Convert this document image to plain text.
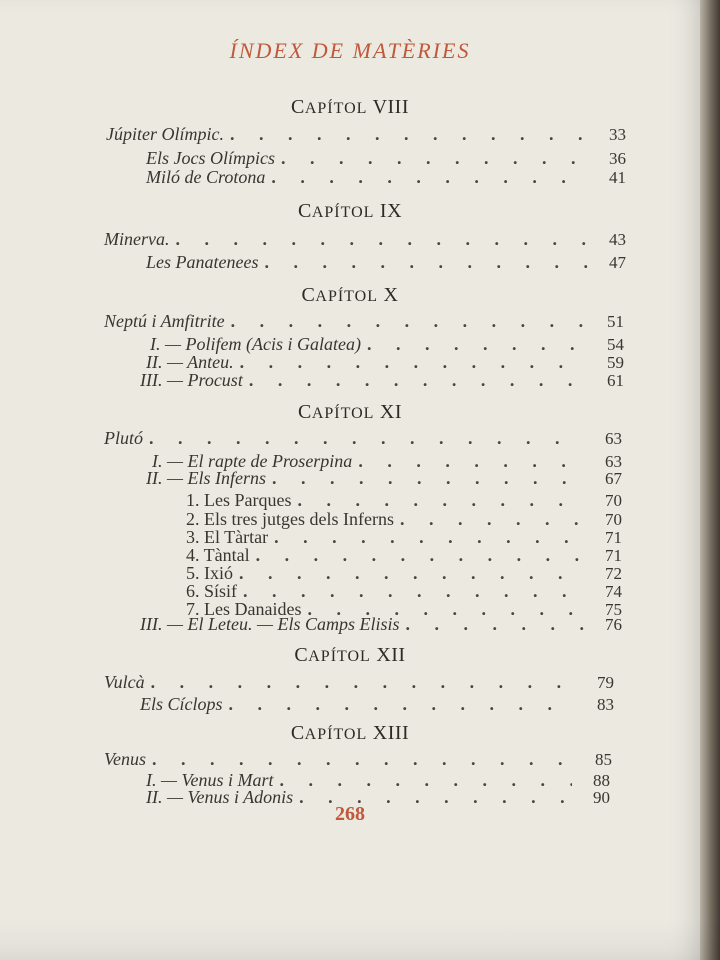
ÍNDEX DE MATÈRIES
CAPÍTOL VIII
Júpiter Olímpic. . . .	33
Els Jocs Olímpics . . .	36
Miló de Crotona . . .	41
CAPÍTOL IX
Minerva. . . .	43
Les Panatenees . . .	47
CAPÍTOL X
Neptú i Amfitrite . . .	51
I. — Polifem (Acis i Galatea) . . .	54
II. — Anteu. . . .	59
III. — Procust . . .	61
CAPÍTOL XI
Plutó . . .	63
I. — El rapte de Proserpina . . .	63
II. — Els Inferns . . .	67
1. Les Parques . . .	70
2. Els tres jutges dels Inferns . . .	70
3. El Tàrtar . . .	71
4. Tàntal . . .	71
5. Ixió . . .	72
6. Sísif . . .	74
7. Les Danaides . . .	75
III. — El Leteu. — Els Camps Elisis . . .	76
CAPÍTOL XII
Vulcà . . .	79
Els Cíclops . . .	83
CAPÍTOL XIII
Venus . . .	85
I. — Venus i Mart . . .	88
II. — Venus i Adonis . . .	90
268
